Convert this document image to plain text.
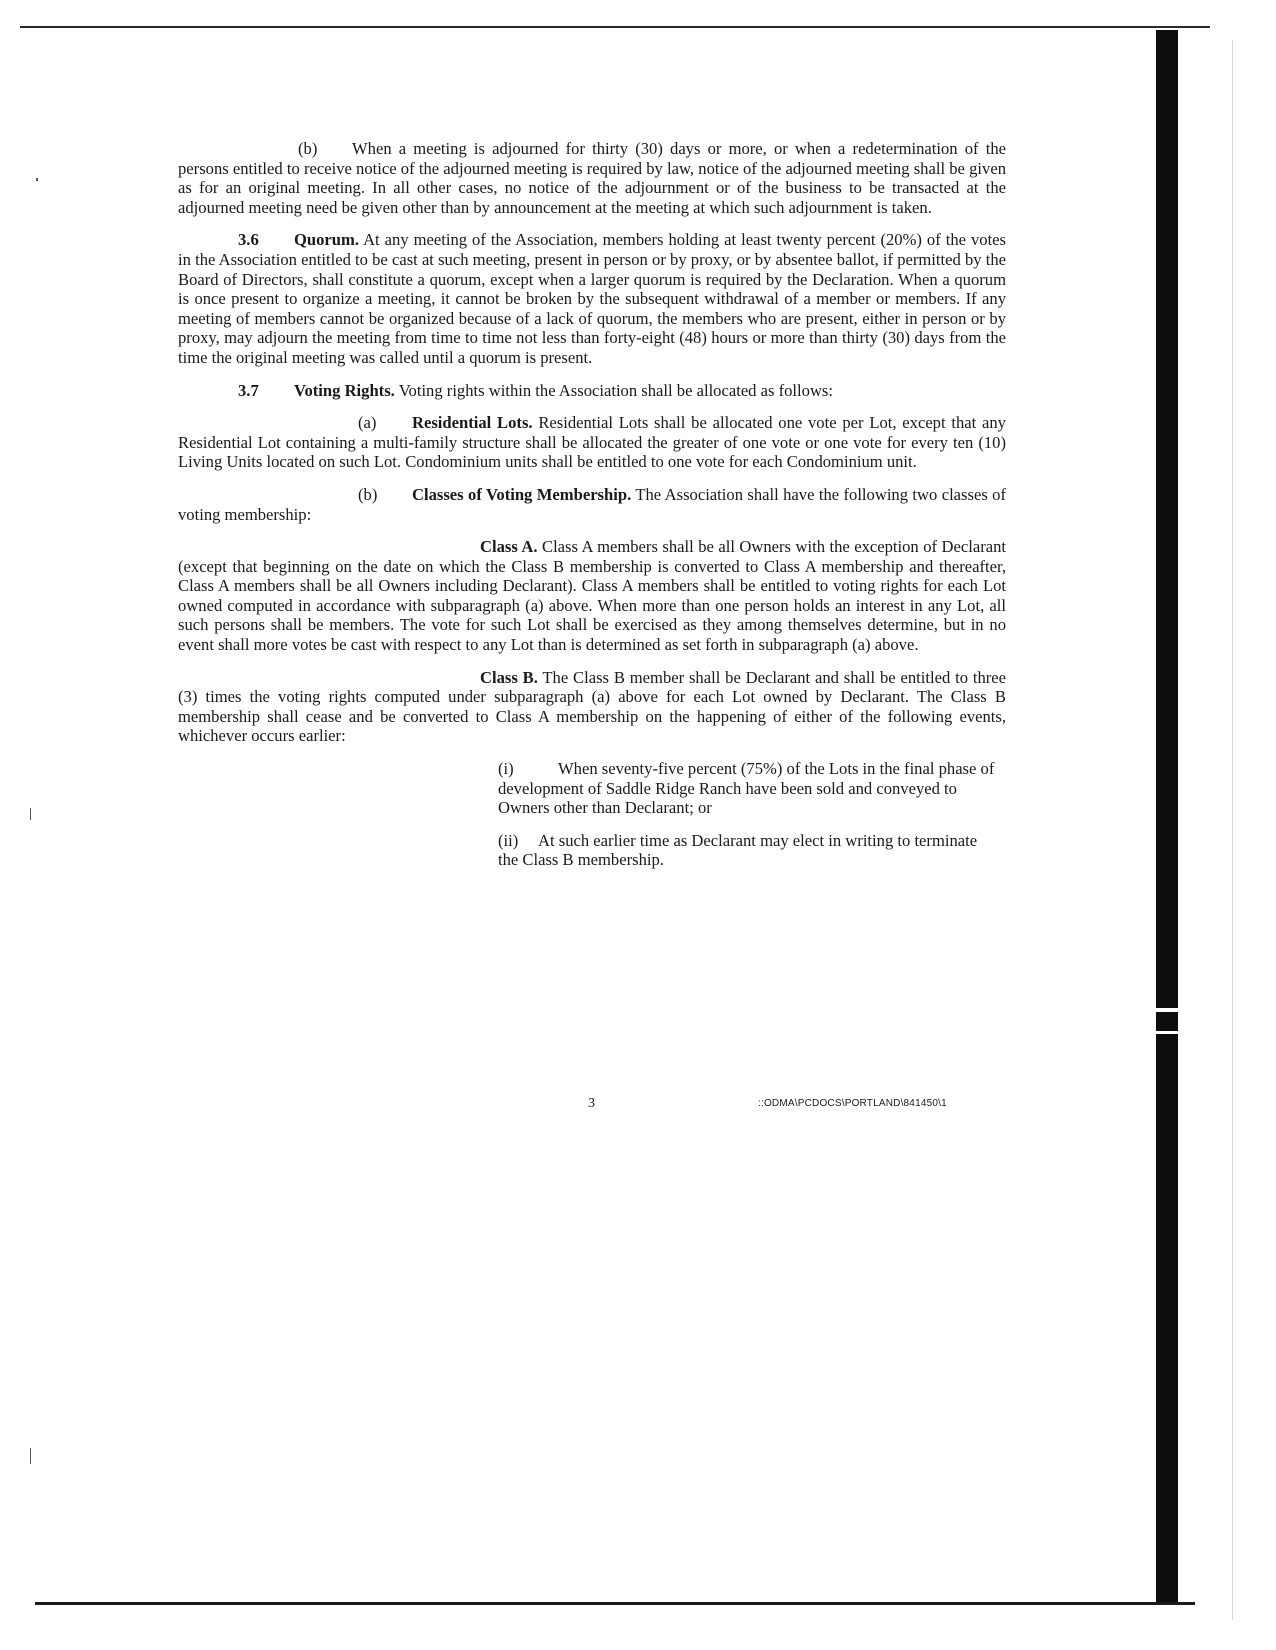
(b) When a meeting is adjourned for thirty (30) days or more, or when a redetermination of the persons entitled to receive notice of the adjourned meeting is required by law, notice of the adjourned meeting shall be given as for an original meeting. In all other cases, no notice of the adjournment or of the business to be transacted at the adjourned meeting need be given other than by announcement at the meeting at which such adjournment is taken.

3.6 Quorum. At any meeting of the Association, members holding at least twenty percent (20%) of the votes in the Association entitled to be cast at such meeting, present in person or by proxy, or by absentee ballot, if permitted by the Board of Directors, shall constitute a quorum, except when a larger quorum is required by the Declaration. When a quorum is once present to organize a meeting, it cannot be broken by the subsequent withdrawal of a member or members. If any meeting of members cannot be organized because of a lack of quorum, the members who are present, either in person or by proxy, may adjourn the meeting from time to time not less than forty-eight (48) hours or more than thirty (30) days from the time the original meeting was called until a quorum is present.

3.7 Voting Rights. Voting rights within the Association shall be allocated as follows:

(a) Residential Lots. Residential Lots shall be allocated one vote per Lot, except that any Residential Lot containing a multi-family structure shall be allocated the greater of one vote or one vote for every ten (10) Living Units located on such Lot. Condominium units shall be entitled to one vote for each Condominium unit.

(b) Classes of Voting Membership. The Association shall have the following two classes of voting membership:

Class A. Class A members shall be all Owners with the exception of Declarant (except that beginning on the date on which the Class B membership is converted to Class A membership and thereafter, Class A members shall be all Owners including Declarant). Class A members shall be entitled to voting rights for each Lot owned computed in accordance with subparagraph (a) above. When more than one person holds an interest in any Lot, all such persons shall be members. The vote for such Lot shall be exercised as they among themselves determine, but in no event shall more votes be cast with respect to any Lot than is determined as set forth in subparagraph (a) above.

Class B. The Class B member shall be Declarant and shall be entitled to three (3) times the voting rights computed under subparagraph (a) above for each Lot owned by Declarant. The Class B membership shall cease and be converted to Class A membership on the happening of either of the following events, whichever occurs earlier:

(i)	When seventy-five percent (75%) of the Lots in the final phase of development of Saddle Ridge Ranch have been sold and conveyed to Owners other than Declarant; or

(ii) At such earlier time as Declarant may elect in writing to terminate the Class B membership.

3	::ODMA\PCDOCS\PORTLAND\841450\1
